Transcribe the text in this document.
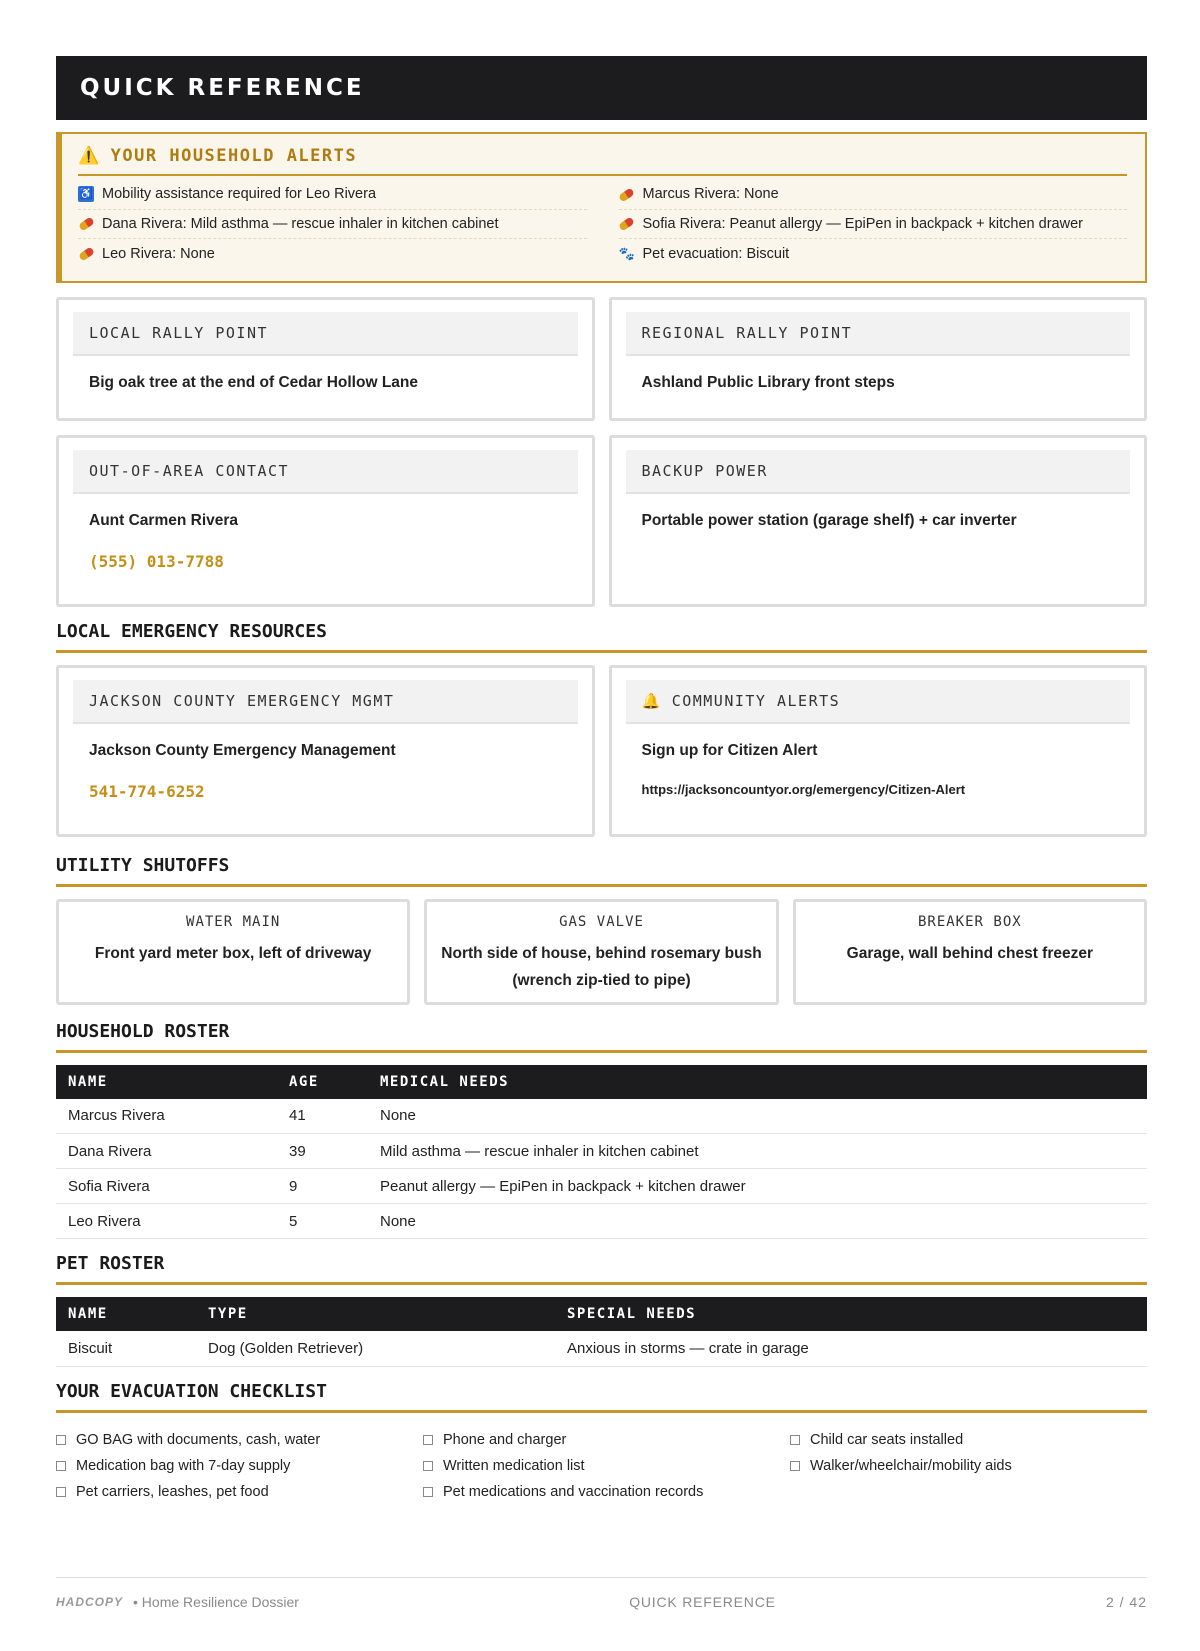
QUICK REFERENCE
⚠️ YOUR HOUSEHOLD ALERTS
♿ Mobility assistance required for Leo Rivera
Dana Rivera: Mild asthma — rescue inhaler in kitchen cabinet
Leo Rivera: None
Marcus Rivera: None
Sofia Rivera: Peanut allergy — EpiPen in backpack + kitchen drawer
🐾 Pet evacuation: Biscuit
LOCAL RALLY POINT
Big oak tree at the end of Cedar Hollow Lane
REGIONAL RALLY POINT
Ashland Public Library front steps
OUT-OF-AREA CONTACT
Aunt Carmen Rivera
(555) 013-7788
BACKUP POWER
Portable power station (garage shelf) + car inverter
LOCAL EMERGENCY RESOURCES
JACKSON COUNTY EMERGENCY MGMT
Jackson County Emergency Management
541-774-6252
🔔 COMMUNITY ALERTS
Sign up for Citizen Alert
https://jacksoncountyor.org/emergency/Citizen-Alert
UTILITY SHUTOFFS
WATER MAIN
Front yard meter box, left of driveway
GAS VALVE
North side of house, behind rosemary bush (wrench zip-tied to pipe)
BREAKER BOX
Garage, wall behind chest freezer
HOUSEHOLD ROSTER
NAME	AGE	MEDICAL NEEDS
Marcus Rivera	41	None
Dana Rivera	39	Mild asthma — rescue inhaler in kitchen cabinet
Sofia Rivera	9	Peanut allergy — EpiPen in backpack + kitchen drawer
Leo Rivera	5	None
PET ROSTER
NAME	TYPE	SPECIAL NEEDS
Biscuit	Dog (Golden Retriever)	Anxious in storms — crate in garage
YOUR EVACUATION CHECKLIST
GO BAG with documents, cash, water
Medication bag with 7-day supply
Pet carriers, leashes, pet food
Phone and charger
Written medication list
Pet medications and vaccination records
Child car seats installed
Walker/wheelchair/mobility aids
HADCOPY • Home Resilience Dossier	QUICK REFERENCE	2 / 42
